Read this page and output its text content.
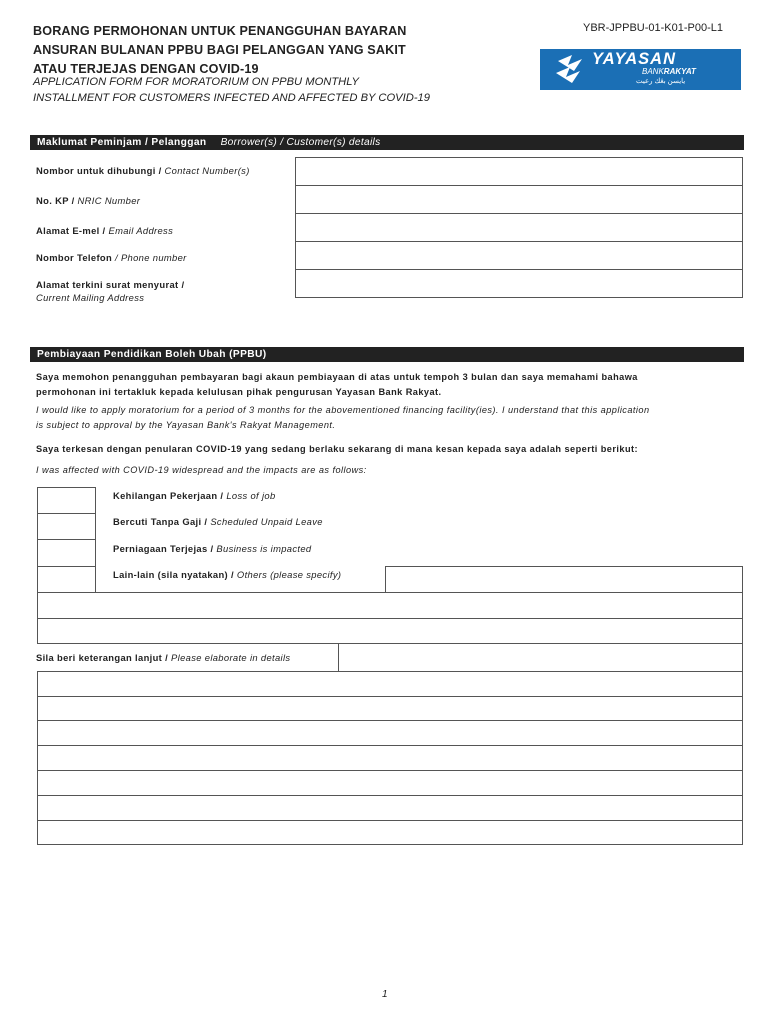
BORANG PERMOHONAN UNTUK PENANGGUHAN BAYARAN
ANSURAN BULANAN PPBU BAGI PELANGGAN YANG SAKIT
ATAU TERJEJAS DENGAN COVID-19
APPLICATION FORM FOR MORATORIUM ON PPBU MONTHLY
INSTALLMENT FOR CUSTOMERS INFECTED AND AFFECTED BY COVID-19
YBR-JPPBU-01-K01-P00-L1
YAYASAN
BANKRAKYAT
يايسن بڠك رعيت
Maklumat Peminjam / Pelanggan Borrower(s) / Customer(s) details
Nombor untuk dihubungi / Contact Number(s)
No. KP / NRIC Number
Alamat E-mel / Email Address
Nombor Telefon / Phone number
Alamat terkini surat menyurat /
Current Mailing Address
Pembiayaan Pendidikan Boleh Ubah (PPBU)
Saya memohon penangguhan pembayaran bagi akaun pembiayaan di atas untuk tempoh 3 bulan dan saya memahami bahawa
permohonan ini tertakluk kepada kelulusan pihak pengurusan Yayasan Bank Rakyat.
I would like to apply moratorium for a period of 3 months for the abovementioned financing facility(ies). I understand that this application
is subject to approval by the Yayasan Bank's Rakyat Management.
Saya terkesan dengan penularan COVID-19 yang sedang berlaku sekarang di mana kesan kepada saya adalah seperti berikut:
I was affected with COVID-19 widespread and the impacts are as follows:
Kehilangan Pekerjaan / Loss of job
Bercuti Tanpa Gaji / Scheduled Unpaid Leave
Perniagaan Terjejas / Business is impacted
Lain-lain (sila nyatakan) / Others (please specify)
Sila beri keterangan lanjut / Please elaborate in details
1
